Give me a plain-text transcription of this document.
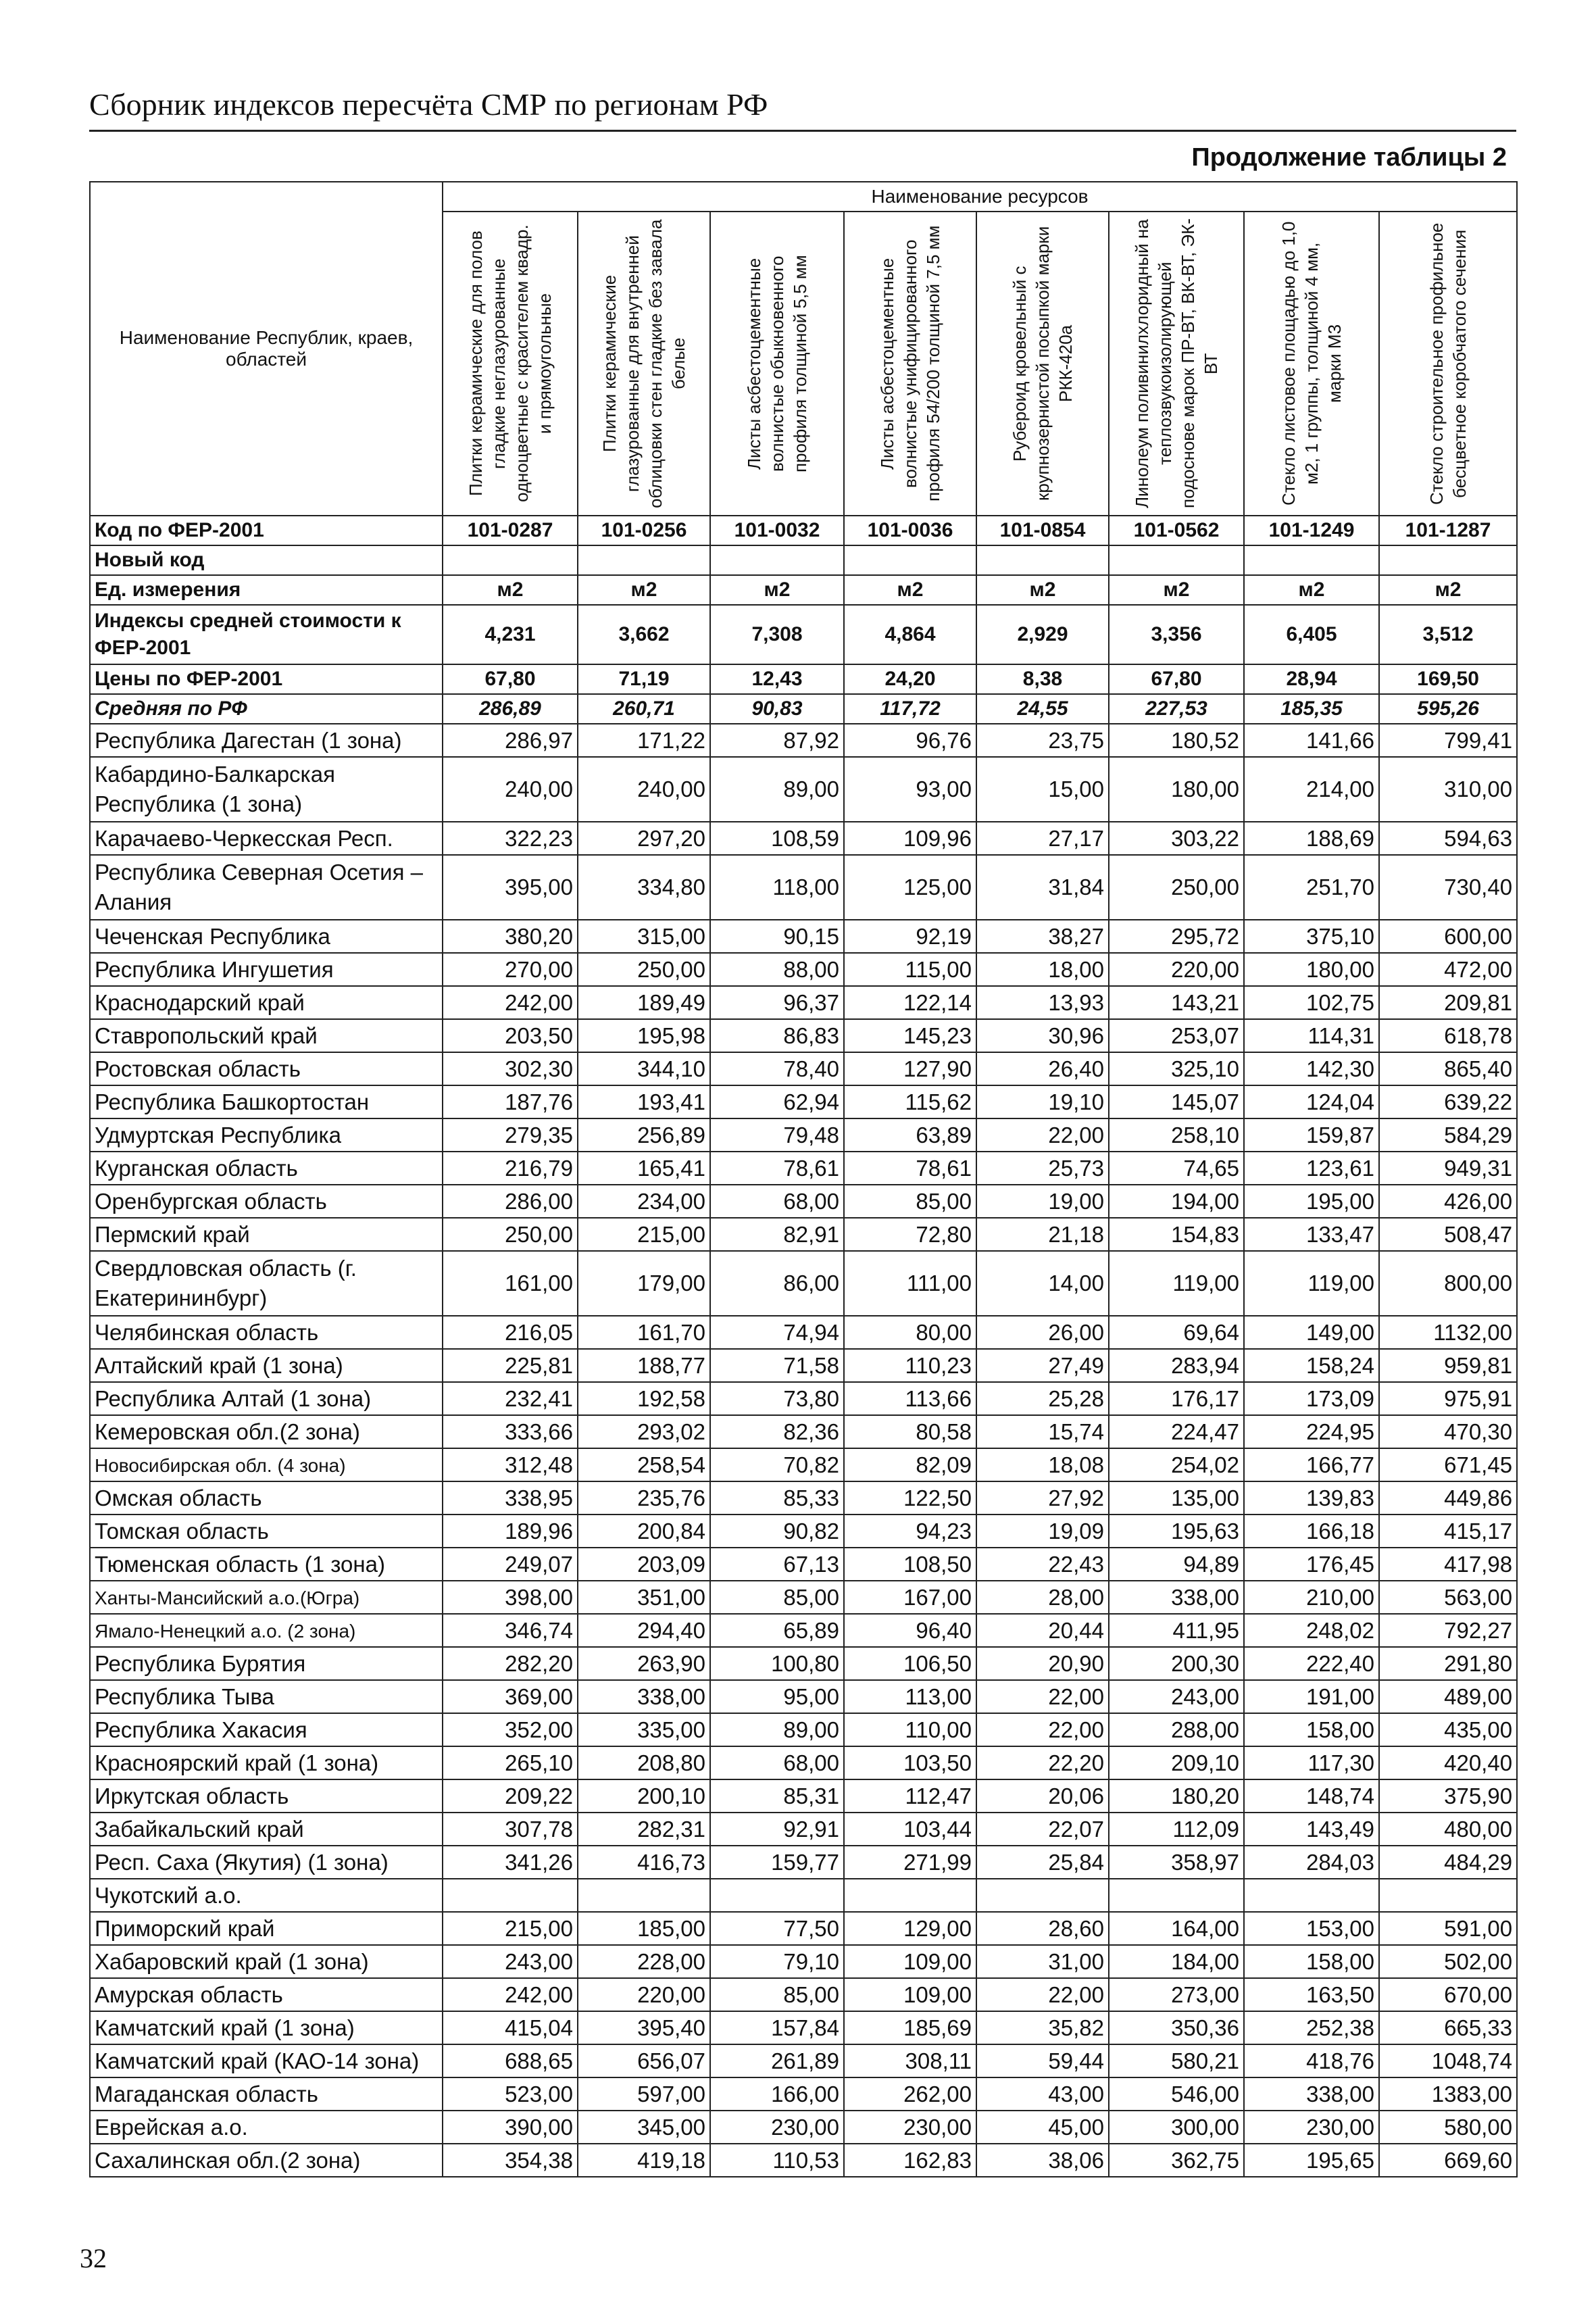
Сборник индексов пересчёта СМР по регионам РФ
Продолжение таблицы 2
Наименование Республик, краев, областей	Наименование ресурсов							

	Плитки керамические для полов гладкие неглазурованные одноцветные с красителем квадр. и прямоугольные	Плитки керамические глазурованные для внутренней облицовки стен гладкие без завала белые	Листы асбестоцементные волнистые обыкновенного профиля толщиной 5,5 мм	Листы асбестоцементные волнистые унифицированного профиля 54/200 толщиной 7,5 мм	Рубероид кровельный с крупнозернистой посыпкой марки РКК-420а	Линолеум поливинилхлоридный на теплозвукоизолирующей подоснове марок ПР-ВТ, ВК-ВТ, ЭК-ВТ	Стекло листовое площадью до 1,0 м2, 1 группы, толщиной 4 мм, марки М3	Стекло строительное профильное бесцветное коробчатого сечения

Код по ФЕР-2001	101-0287	101-0256	101-0032	101-0036	101-0854	101-0562	101-1249	101-1287
Новый код								
Ед. измерения	м2	м2	м2	м2	м2	м2	м2	м2
Индексы средней стоимости к ФЕР-2001	4,231	3,662	7,308	4,864	2,929	3,356	6,405	3,512
Цены по ФЕР-2001	67,80	71,19	12,43	24,20	8,38	67,80	28,94	169,50
Средняя по РФ	286,89	260,71	90,83	117,72	24,55	227,53	185,35	595,26
Республика Дагестан (1 зона)	286,97	171,22	87,92	96,76	23,75	180,52	141,66	799,41
Кабардино-Балкарская Республика (1 зона)	240,00	240,00	89,00	93,00	15,00	180,00	214,00	310,00
Карачаево-Черкесская Респ.	322,23	297,20	108,59	109,96	27,17	303,22	188,69	594,63
Республика Северная Осетия – Алания	395,00	334,80	118,00	125,00	31,84	250,00	251,70	730,40
Чеченская Республика	380,20	315,00	90,15	92,19	38,27	295,72	375,10	600,00
Республика Ингушетия	270,00	250,00	88,00	115,00	18,00	220,00	180,00	472,00
Краснодарский край	242,00	189,49	96,37	122,14	13,93	143,21	102,75	209,81
Ставропольский край	203,50	195,98	86,83	145,23	30,96	253,07	114,31	618,78
Ростовская область	302,30	344,10	78,40	127,90	26,40	325,10	142,30	865,40
Республика Башкортостан	187,76	193,41	62,94	115,62	19,10	145,07	124,04	639,22
Удмуртская Республика	279,35	256,89	79,48	63,89	22,00	258,10	159,87	584,29
Курганская область	216,79	165,41	78,61	78,61	25,73	74,65	123,61	949,31
Оренбургская область	286,00	234,00	68,00	85,00	19,00	194,00	195,00	426,00
Пермский край	250,00	215,00	82,91	72,80	21,18	154,83	133,47	508,47
Свердловская область (г. Екатерининбург)	161,00	179,00	86,00	111,00	14,00	119,00	119,00	800,00
Челябинская область	216,05	161,70	74,94	80,00	26,00	69,64	149,00	1132,00
Алтайский край (1 зона)	225,81	188,77	71,58	110,23	27,49	283,94	158,24	959,81
Республика Алтай (1 зона)	232,41	192,58	73,80	113,66	25,28	176,17	173,09	975,91
Кемеровская обл.(2 зона)	333,66	293,02	82,36	80,58	15,74	224,47	224,95	470,30
Новосибирская обл. (4 зона)	312,48	258,54	70,82	82,09	18,08	254,02	166,77	671,45
Омская область	338,95	235,76	85,33	122,50	27,92	135,00	139,83	449,86
Томская область	189,96	200,84	90,82	94,23	19,09	195,63	166,18	415,17
Тюменская область (1 зона)	249,07	203,09	67,13	108,50	22,43	94,89	176,45	417,98
Ханты-Мансийский а.о.(Югра)	398,00	351,00	85,00	167,00	28,00	338,00	210,00	563,00
Ямало-Ненецкий а.о. (2 зона)	346,74	294,40	65,89	96,40	20,44	411,95	248,02	792,27
Республика Бурятия	282,20	263,90	100,80	106,50	20,90	200,30	222,40	291,80
Республика Тыва	369,00	338,00	95,00	113,00	22,00	243,00	191,00	489,00
Республика Хакасия	352,00	335,00	89,00	110,00	22,00	288,00	158,00	435,00
Красноярский край (1 зона)	265,10	208,80	68,00	103,50	22,20	209,10	117,30	420,40
Иркутская область	209,22	200,10	85,31	112,47	20,06	180,20	148,74	375,90
Забайкальский край	307,78	282,31	92,91	103,44	22,07	112,09	143,49	480,00
Респ. Саха (Якутия) (1 зона)	341,26	416,73	159,77	271,99	25,84	358,97	284,03	484,29
Чукотский а.о.								
Приморский край	215,00	185,00	77,50	129,00	28,60	164,00	153,00	591,00
Хабаровский край (1 зона)	243,00	228,00	79,10	109,00	31,00	184,00	158,00	502,00
Амурская область	242,00	220,00	85,00	109,00	22,00	273,00	163,50	670,00
Камчатский край (1 зона)	415,04	395,40	157,84	185,69	35,82	350,36	252,38	665,33
Камчатский край (КАО-14 зона)	688,65	656,07	261,89	308,11	59,44	580,21	418,76	1048,74
Магаданская область	523,00	597,00	166,00	262,00	43,00	546,00	338,00	1383,00
Еврейская а.о.	390,00	345,00	230,00	230,00	45,00	300,00	230,00	580,00
Сахалинская обл.(2 зона)	354,38	419,18	110,53	162,83	38,06	362,75	195,65	669,60
32
